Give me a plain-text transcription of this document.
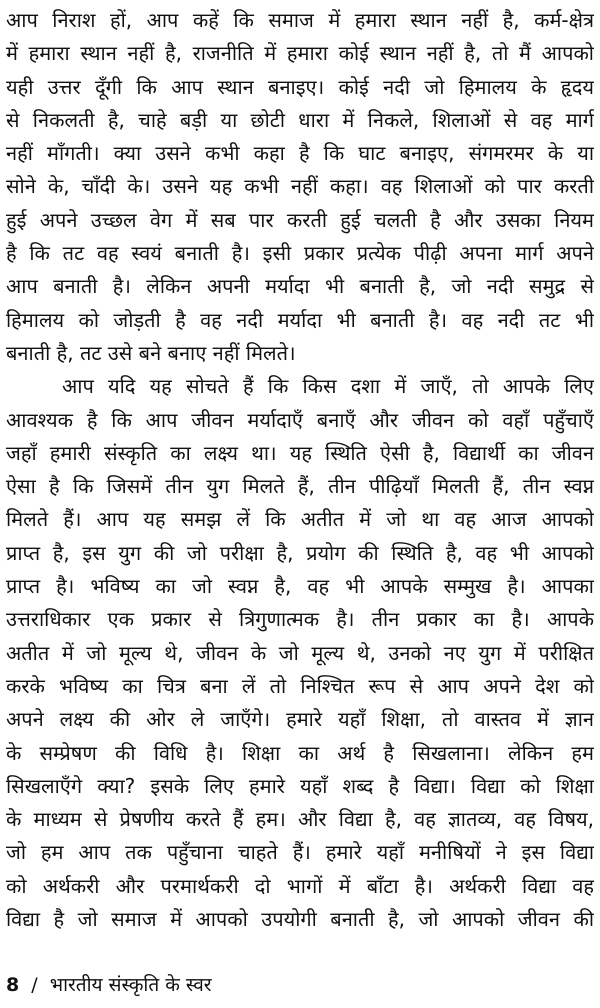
आप निराश हों, आप कहें कि समाज में हमारा स्थान नहीं है, कर्म-क्षेत्र
में हमारा स्थान नहीं है, राजनीति में हमारा कोई स्थान नहीं है, तो मैं आपको
यही उत्तर दूँगी कि आप स्थान बनाइए। कोई नदी जो हिमालय के हृदय
से निकलती है, चाहे बड़ी या छोटी धारा में निकले, शिलाओं से वह मार्ग
नहीं माँगती। क्या उसने कभी कहा है कि घाट बनाइए, संगमरमर के या
सोने के, चाँदी के। उसने यह कभी नहीं कहा। वह शिलाओं को पार करती
हुई अपने उच्छल वेग में सब पार करती हुई चलती है और उसका नियम
है कि तट वह स्वयं बनाती है। इसी प्रकार प्रत्येक पीढ़ी अपना मार्ग अपने
आप बनाती है। लेकिन अपनी मर्यादा भी बनाती है, जो नदी समुद्र से
हिमालय को जोड़ती है वह नदी मर्यादा भी बनाती है। वह नदी तट भी
बनाती है, तट उसे बने बनाए नहीं मिलते।
आप यदि यह सोचते हैं कि किस दशा में जाएँ, तो आपके लिए
आवश्यक है कि आप जीवन मर्यादाएँ बनाएँ और जीवन को वहाँ पहुँचाएँ
जहाँ हमारी संस्कृति का लक्ष्य था। यह स्थिति ऐसी है, विद्यार्थी का जीवन
ऐसा है कि जिसमें तीन युग मिलते हैं, तीन पीढ़ियाँ मिलती हैं, तीन स्वप्न
मिलते हैं। आप यह समझ लें कि अतीत में जो था वह आज आपको
प्राप्त है, इस युग की जो परीक्षा है, प्रयोग की स्थिति है, वह भी आपको
प्राप्त है। भविष्य का जो स्वप्न है, वह भी आपके सम्मुख है। आपका
उत्तराधिकार एक प्रकार से त्रिगुणात्मक है। तीन प्रकार का है। आपके
अतीत में जो मूल्य थे, जीवन के जो मूल्य थे, उनको नए युग में परीक्षित
करके भविष्य का चित्र बना लें तो निश्चित रूप से आप अपने देश को
अपने लक्ष्य की ओर ले जाएँगे। हमारे यहाँ शिक्षा, तो वास्तव में ज्ञान
के सम्प्रेषण की विधि है। शिक्षा का अर्थ है सिखलाना। लेकिन हम
सिखलाएँगे क्या? इसके लिए हमारे यहाँ शब्द है विद्या। विद्या को शिक्षा
के माध्यम से प्रेषणीय करते हैं हम। और विद्या है, वह ज्ञातव्य, वह विषय,
जो हम आप तक पहुँचाना चाहते हैं। हमारे यहाँ मनीषियों ने इस विद्या
को अर्थकरी और परमार्थकरी दो भागों में बाँटा है। अर्थकरी विद्या वह
विद्या है जो समाज में आपको उपयोगी बनाती है, जो आपको जीवन की
8 / भारतीय संस्कृति के स्वर
